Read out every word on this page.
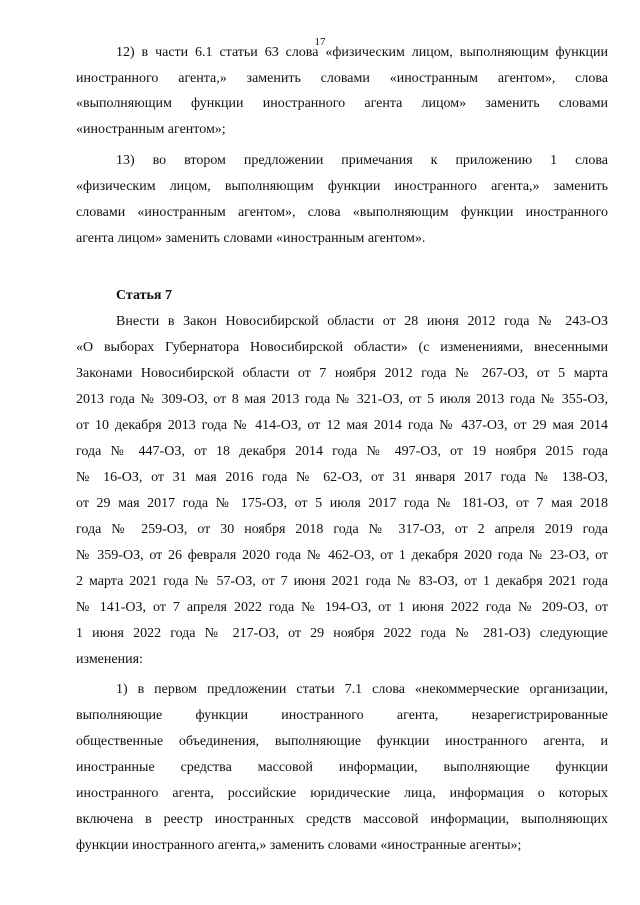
17
12) в части 6.1 статьи 63 слова «физическим лицом, выполняющим функции
иностранного агента,» заменить словами «иностранным агентом», слова
«выполняющим функции иностранного агента лицом» заменить словами
«иностранным агентом»;
13) во втором предложении примечания к приложению 1 слова
«физическим лицом, выполняющим функции иностранного агента,» заменить
словами «иностранным агентом», слова «выполняющим функции иностранного
агента лицом» заменить словами «иностранным агентом».
Статья 7
Внести в Закон Новосибирской области от 28 июня 2012 года № 243-ОЗ
«О выборах Губернатора Новосибирской области» (с изменениями, внесенными
Законами Новосибирской области от 7 ноября 2012 года № 267-ОЗ, от 5 марта
2013 года № 309-ОЗ, от 8 мая 2013 года № 321-ОЗ, от 5 июля 2013 года № 355-ОЗ,
от 10 декабря 2013 года № 414-ОЗ, от 12 мая 2014 года № 437-ОЗ, от 29 мая 2014
года № 447-ОЗ, от 18 декабря 2014 года № 497-ОЗ, от 19 ноября 2015 года
№ 16-ОЗ, от 31 мая 2016 года № 62-ОЗ, от 31 января 2017 года № 138-ОЗ,
от 29 мая 2017 года № 175-ОЗ, от 5 июля 2017 года № 181-ОЗ, от 7 мая 2018
года № 259-ОЗ, от 30 ноября 2018 года № 317-ОЗ, от 2 апреля 2019 года
№ 359-ОЗ, от 26 февраля 2020 года № 462-ОЗ, от 1 декабря 2020 года № 23-ОЗ, от
2 марта 2021 года № 57-ОЗ, от 7 июня 2021 года № 83-ОЗ, от 1 декабря 2021 года
№ 141-ОЗ, от 7 апреля 2022 года № 194-ОЗ, от 1 июня 2022 года № 209-ОЗ, от
1 июня 2022 года № 217-ОЗ, от 29 ноября 2022 года № 281-ОЗ) следующие
изменения:
1) в первом предложении статьи 7.1 слова «некоммерческие организации,
выполняющие функции иностранного агента, незарегистрированные
общественные объединения, выполняющие функции иностранного агента, и
иностранные средства массовой информации, выполняющие функции
иностранного агента, российские юридические лица, информация о которых
включена в реестр иностранных средств массовой информации, выполняющих
функции иностранного агента,» заменить словами «иностранные агенты»;
